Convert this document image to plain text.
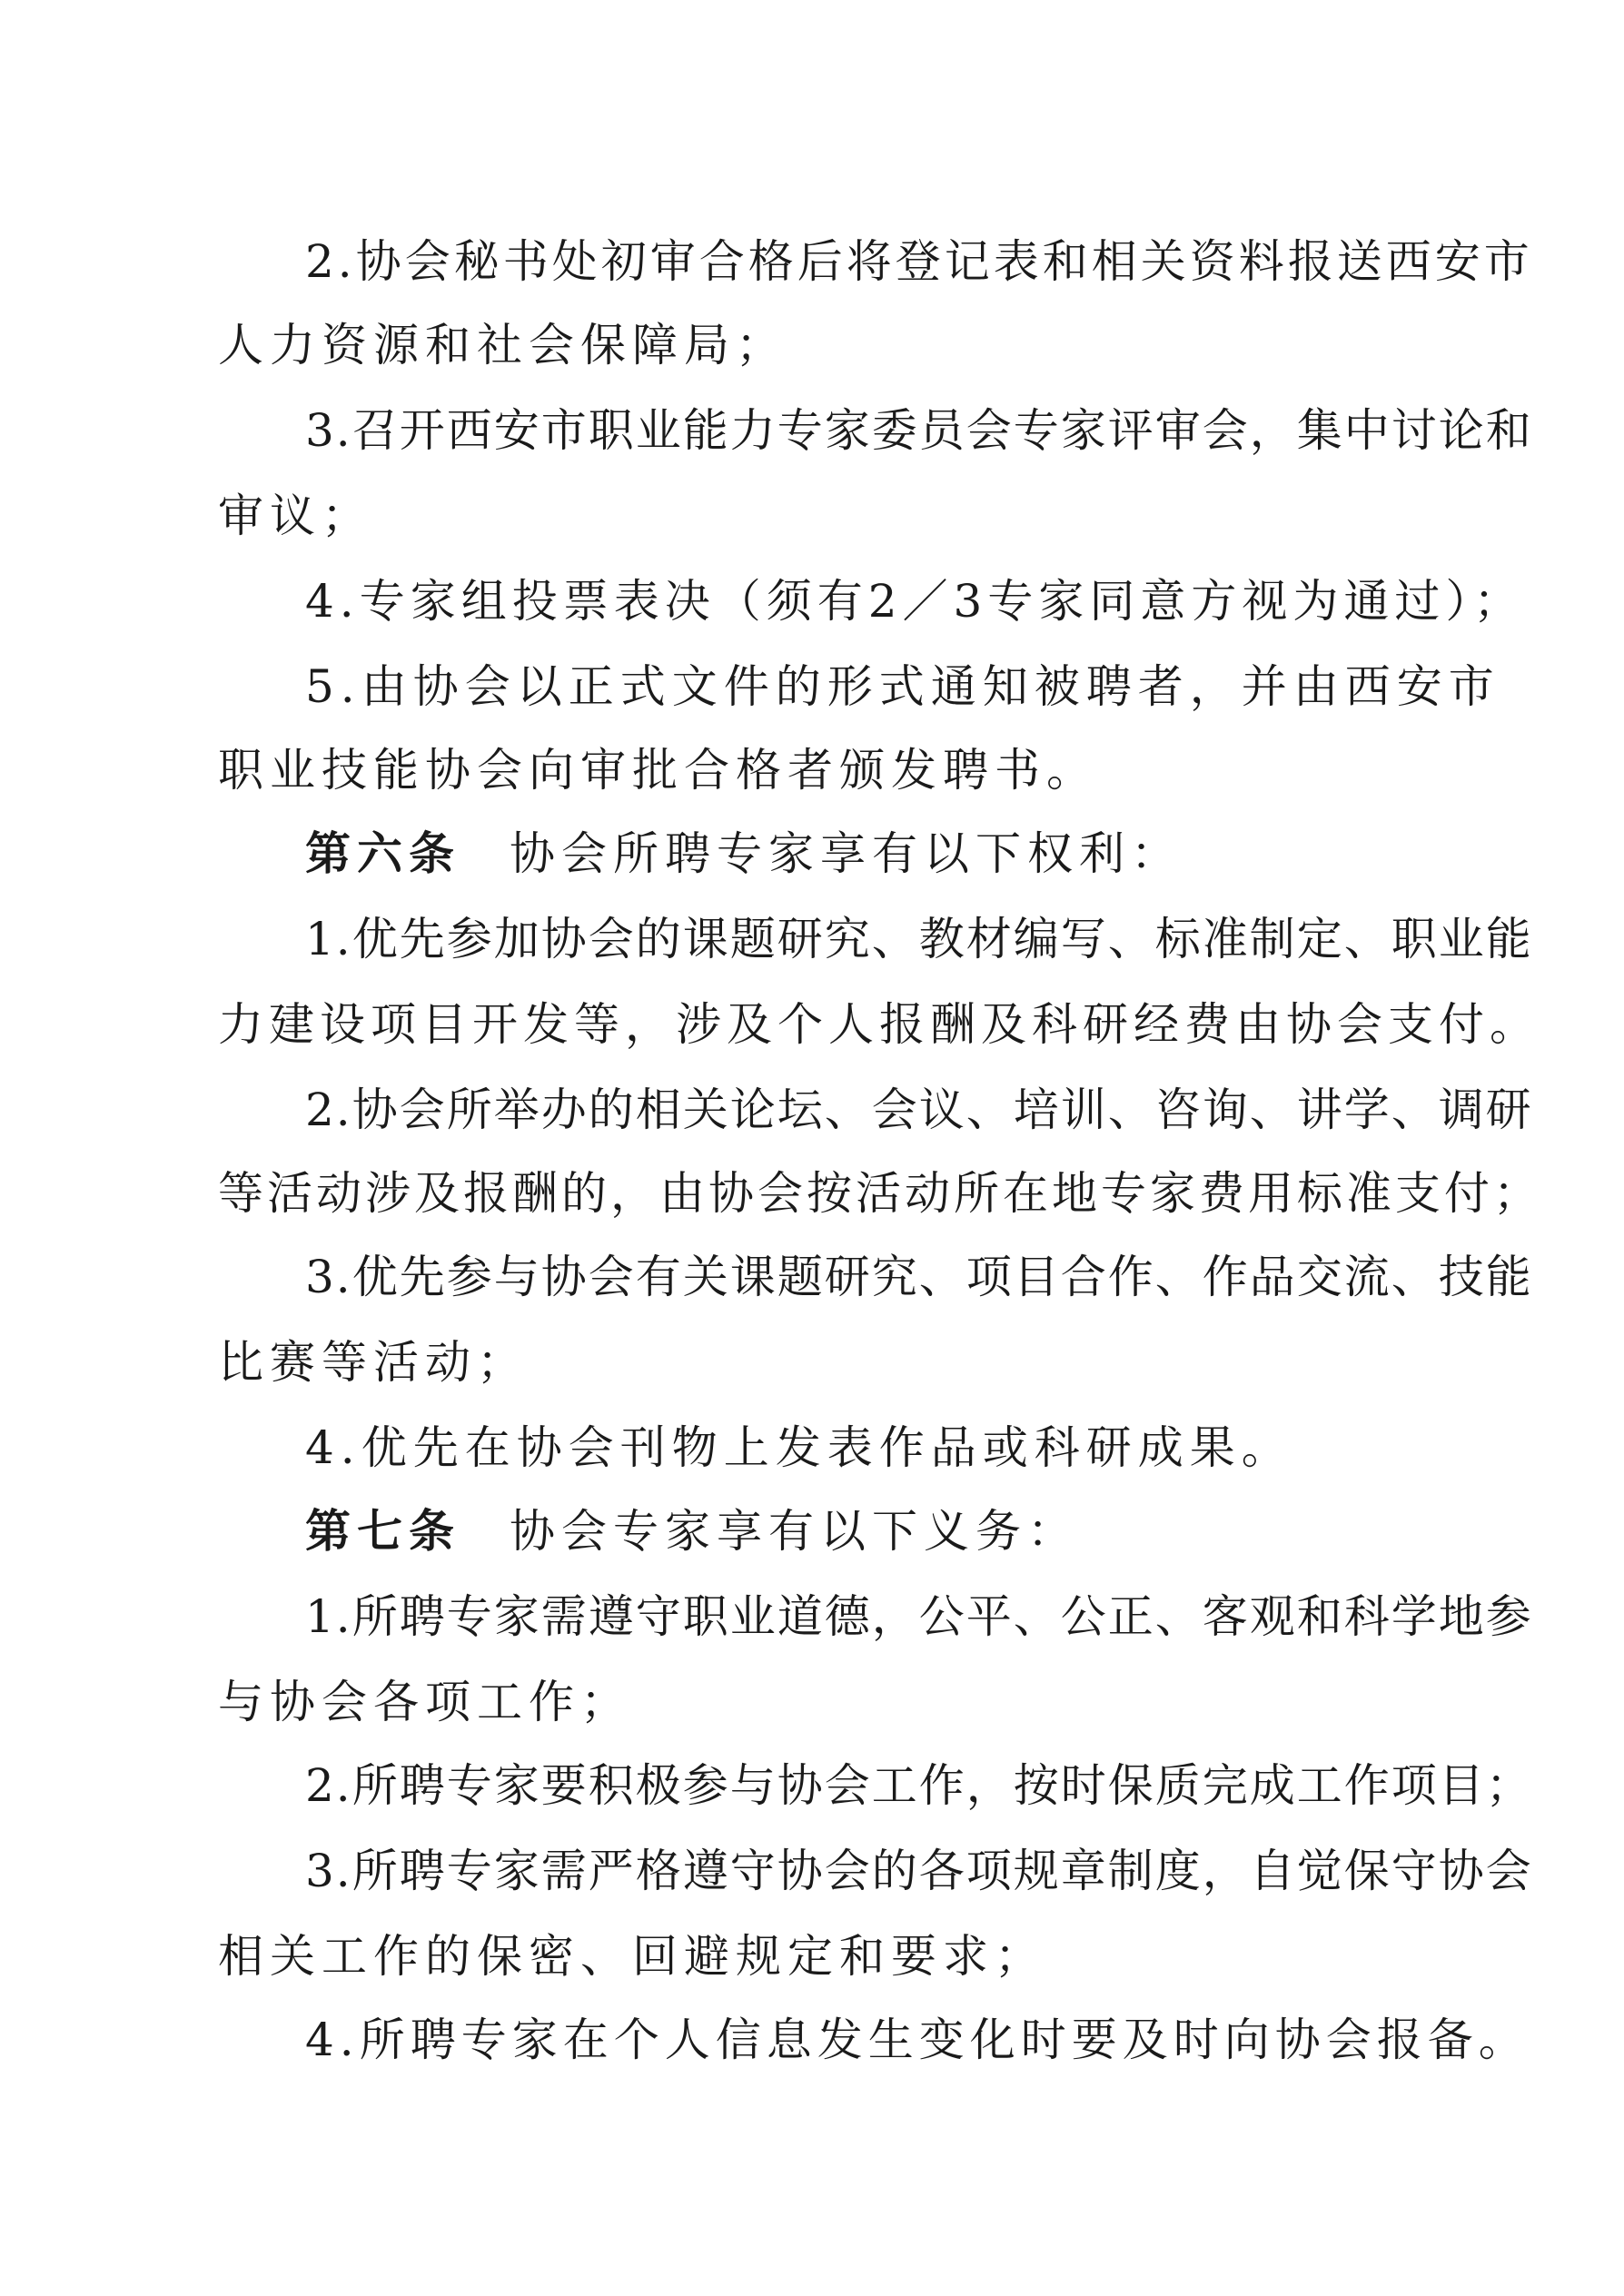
2.协会秘书处初审合格后将登记表和相关资料报送西安市

人力资源和社会保障局；

3.召开西安市职业能力专家委员会专家评审会，集中讨论和

审议；

4.专家组投票表决（须有2／3专家同意方视为通过）；

5.由协会以正式文件的形式通知被聘者，并由西安市

职业技能协会向审批合格者颁发聘书。

第六条 协会所聘专家享有以下权利：

1.优先参加协会的课题研究、教材编写、标准制定、职业能

力建设项目开发等，涉及个人报酬及科研经费由协会支付。

2.协会所举办的相关论坛、会议、培训、咨询、讲学、调研

等活动涉及报酬的，由协会按活动所在地专家费用标准支付；

3.优先参与协会有关课题研究、项目合作、作品交流、技能

比赛等活动；

4.优先在协会刊物上发表作品或科研成果。

第七条 协会专家享有以下义务：

1.所聘专家需遵守职业道德，公平、公正、客观和科学地参

与协会各项工作；

2.所聘专家要积极参与协会工作，按时保质完成工作项目；

3.所聘专家需严格遵守协会的各项规章制度，自觉保守协会

相关工作的保密、回避规定和要求；

4.所聘专家在个人信息发生变化时要及时向协会报备。
